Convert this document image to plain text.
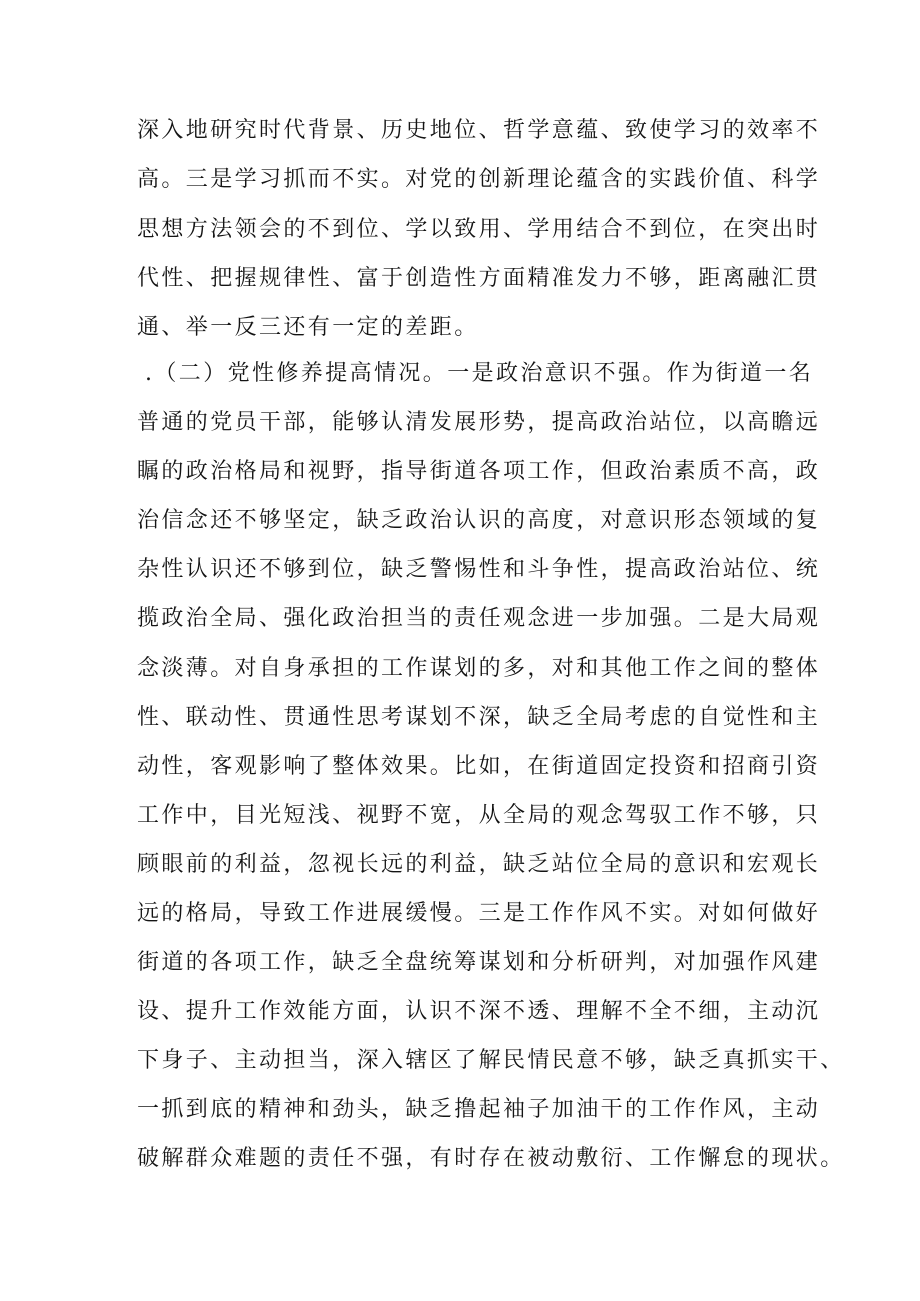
深入地研究时代背景、历史地位、哲学意蕴、致使学习的效率不
高。三是学习抓而不实。对党的创新理论蕴含的实践价值、科学
思想方法领会的不到位、学以致用、学用结合不到位，在突出时
代性、把握规律性、富于创造性方面精准发力不够，距离融汇贯
通、举一反三还有一定的差距。
.（二）党性修养提高情况。一是政治意识不强。作为街道一名
普通的党员干部，能够认清发展形势，提高政治站位，以高瞻远
瞩的政治格局和视野，指导街道各项工作，但政治素质不高，政
治信念还不够坚定，缺乏政治认识的高度，对意识形态领域的复
杂性认识还不够到位，缺乏警惕性和斗争性，提高政治站位、统
揽政治全局、强化政治担当的责任观念进一步加强。二是大局观
念淡薄。对自身承担的工作谋划的多，对和其他工作之间的整体
性、联动性、贯通性思考谋划不深，缺乏全局考虑的自觉性和主
动性，客观影响了整体效果。比如，在街道固定投资和招商引资
工作中，目光短浅、视野不宽，从全局的观念驾驭工作不够，只
顾眼前的利益，忽视长远的利益，缺乏站位全局的意识和宏观长
远的格局，导致工作进展缓慢。三是工作作风不实。对如何做好
街道的各项工作，缺乏全盘统筹谋划和分析研判，对加强作风建
设、提升工作效能方面，认识不深不透、理解不全不细，主动沉
下身子、主动担当，深入辖区了解民情民意不够，缺乏真抓实干、
一抓到底的精神和劲头，缺乏撸起袖子加油干的工作作风，主动
破解群众难题的责任不强，有时存在被动敷衍、工作懈怠的现状。
